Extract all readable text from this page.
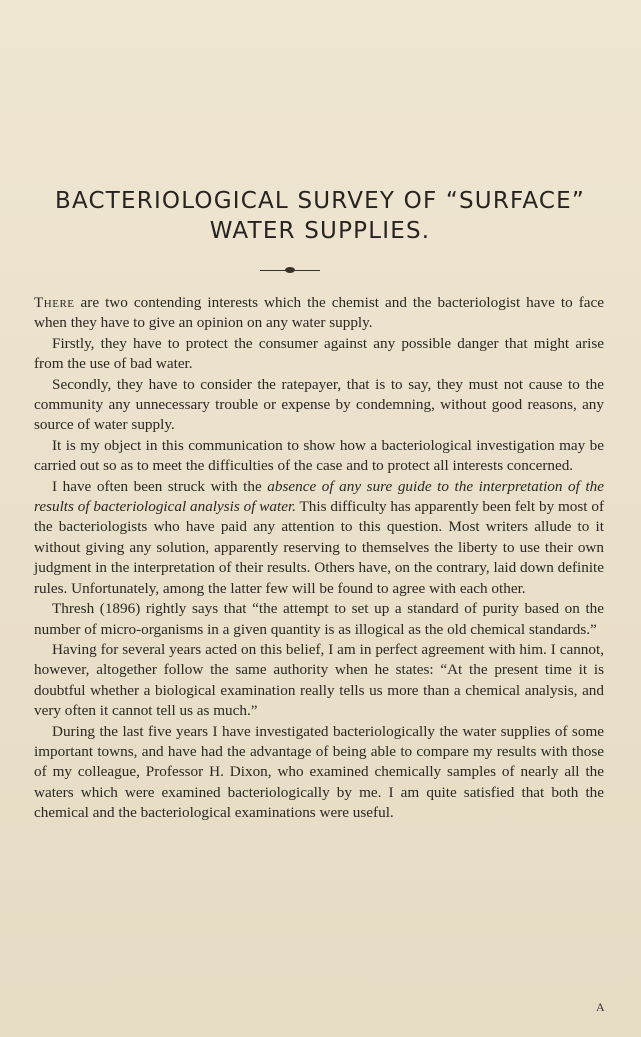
BACTERIOLOGICAL SURVEY OF “SURFACE”
WATER SUPPLIES.

There are two contending interests which the chemist and the bacteriologist have to face when they have to give an opinion on any water supply.

Firstly, they have to protect the consumer against any possible danger that might arise from the use of bad water.

Secondly, they have to consider the ratepayer, that is to say, they must not cause to the community any unnecessary trouble or expense by condemning, without good reasons, any source of water supply.

It is my object in this communication to show how a bacteriological investigation may be carried out so as to meet the difficulties of the case and to protect all interests concerned.

I have often been struck with the absence of any sure guide to the interpretation of the results of bacteriological analysis of water. This difficulty has apparently been felt by most of the bacteriologists who have paid any attention to this question. Most writers allude to it without giving any solution, apparently reserving to themselves the liberty to use their own judgment in the interpretation of their results. Others have, on the contrary, laid down definite rules. Unfortunately, among the latter few will be found to agree with each other.

Thresh (1896) rightly says that “the attempt to set up a standard of purity based on the number of micro-organisms in a given quantity is as illogical as the old chemical standards.”

Having for several years acted on this belief, I am in perfect agreement with him. I cannot, however, altogether follow the same authority when he states: “At the present time it is doubtful whether a biological examination really tells us more than a chemical analysis, and very often it cannot tell us as much.”

During the last five years I have investigated bacteriologically the water supplies of some important towns, and have had the advantage of being able to compare my results with those of my colleague, Professor H. Dixon, who examined chemically samples of nearly all the waters which were examined bacteriologically by me. I am quite satisfied that both the chemical and the bacteriological examinations were useful.

A
